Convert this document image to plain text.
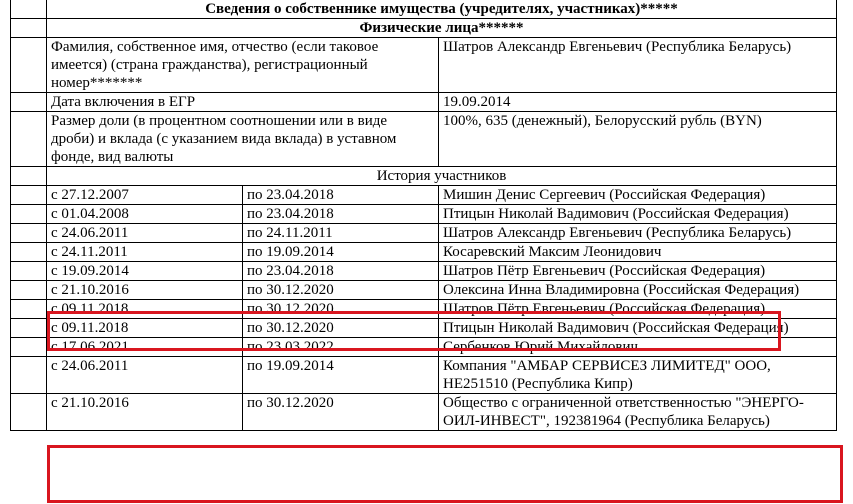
	Сведения о собственнике имущества (учредителях, участниках)*****		
	Физические лица******		
	Фамилия, собственное имя, отчество (если таковое имеется) (страна гражданства), регистрационный номер*******		Шатров Александр Евгеньевич (Республика Беларусь)
	Дата включения в ЕГР		19.09.2014
	Размер доли (в процентном соотношении или в виде дроби) и вклада (с указанием вида вклада) в уставном фонде, вид валюты		100%, 635 (денежный), Белорусский рубль (BYN)
	История участников		
	с 27.12.2007	по 23.04.2018	Мишин Денис Сергеевич (Российская Федерация)
	с 01.04.2008	по 23.04.2018	Птицын Николай Вадимович (Российская Федерация)
	с 24.06.2011	по 24.11.2011	Шатров Александр Евгеньевич (Республика Беларусь)
	с 24.11.2011	по 19.09.2014	Косаревский Максим Леонидович
	с 19.09.2014	по 23.04.2018	Шатров Пётр Евгеньевич (Российская Федерация)
	с 21.10.2016	по 30.12.2020	Олексина Инна Владимировна (Российская Федерация)
	с 09.11.2018	по 30.12.2020	Шатров Пётр Евгеньевич (Российская Федерация)
	с 09.11.2018	по 30.12.2020	Птицын Николай Вадимович (Российская Федерация)
	с 17.06.2021	по 23.03.2022	Сербенков Юрий Михайлович
	с 24.06.2011	по 19.09.2014	Компания "АМБАР СЕРВИСЕЗ ЛИМИТЕД" ООО, HE251510 (Республика Кипр)
	с 21.10.2016	по 30.12.2020	Общество с ограниченной ответственностью "ЭНЕРГО-ОИЛ-ИНВЕСТ", 192381964 (Республика Беларусь)
